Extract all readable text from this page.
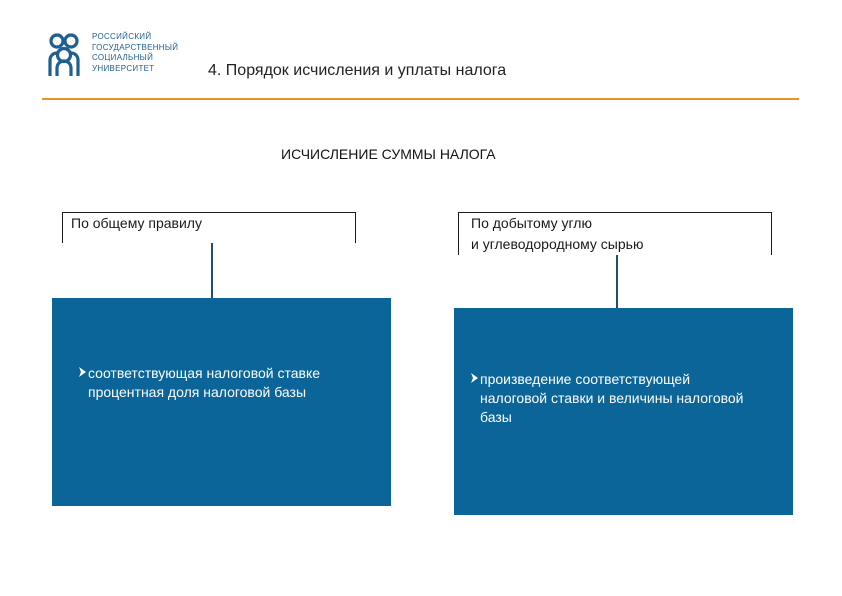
РОССИЙСКИЙ
ГОСУДАРСТВЕННЫЙ
СОЦИАЛЬНЫЙ
УНИВЕРСИТЕТ	4. Порядок исчисления и уплаты налога
ИСЧИСЛЕНИЕ СУММЫ НАЛОГА
По общему правилу
соответствующая налоговой ставке
процентная доля налоговой базы
По добытому углю
и углеводородному сырью
произведение соответствующей
налоговой ставки и величины налоговой
базы
